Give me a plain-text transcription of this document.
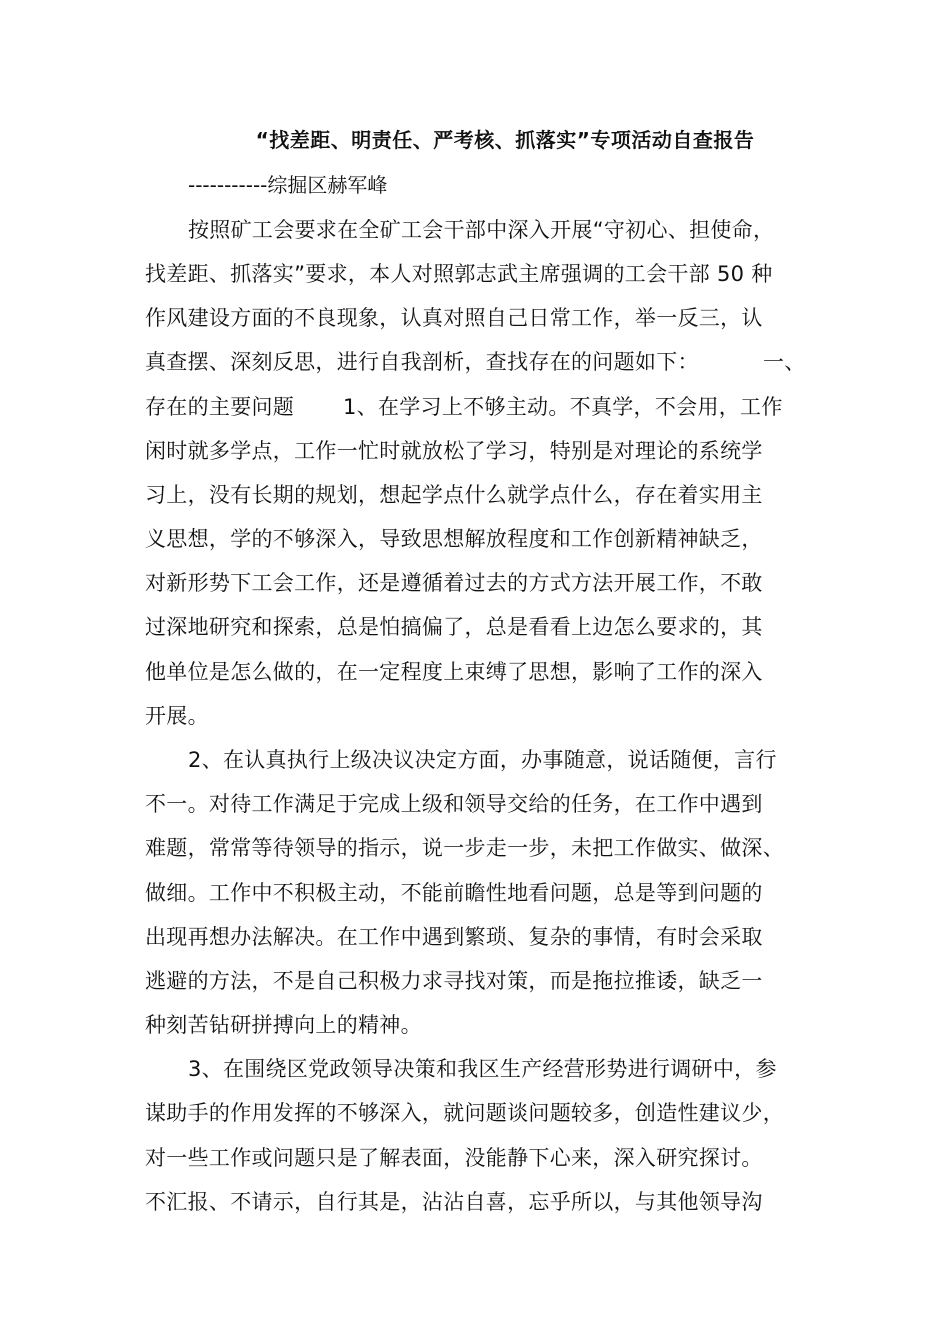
“找差距、明责任、严考核、抓落实”专项活动自查报告
-----------综掘区赫军峰
按照矿工会要求在全矿工会干部中深入开展“守初心、担使命，
找差距、抓落实”要求，本人对照郭志武主席强调的工会干部 50 种
作风建设方面的不良现象，认真对照自己日常工作，举一反三，认
真查摆、深刻反思，进行自我剖析，查找存在的问题如下：	一、
存在的主要问题 1、在学习上不够主动。不真学，不会用，工作
闲时就多学点，工作一忙时就放松了学习，特别是对理论的系统学
习上，没有长期的规划，想起学点什么就学点什么，存在着实用主
义思想，学的不够深入，导致思想解放程度和工作创新精神缺乏，
对新形势下工会工作，还是遵循着过去的方式方法开展工作，不敢
过深地研究和探索，总是怕搞偏了，总是看看上边怎么要求的，其
他单位是怎么做的，在一定程度上束缚了思想，影响了工作的深入
开展。
2、在认真执行上级决议决定方面，办事随意，说话随便，言行
不一。对待工作满足于完成上级和领导交给的任务，在工作中遇到
难题，常常等待领导的指示，说一步走一步，未把工作做实、做深、
做细。工作中不积极主动，不能前瞻性地看问题，总是等到问题的
出现再想办法解决。在工作中遇到繁琐、复杂的事情，有时会采取
逃避的方法，不是自己积极力求寻找对策，而是拖拉推诿，缺乏一
种刻苦钻研拼搏向上的精神。
3、在围绕区党政领导决策和我区生产经营形势进行调研中，参
谋助手的作用发挥的不够深入，就问题谈问题较多，创造性建议少，
对一些工作或问题只是了解表面，没能静下心来，深入研究探讨。
不汇报、不请示，自行其是，沾沾自喜，忘乎所以，与其他领导沟
